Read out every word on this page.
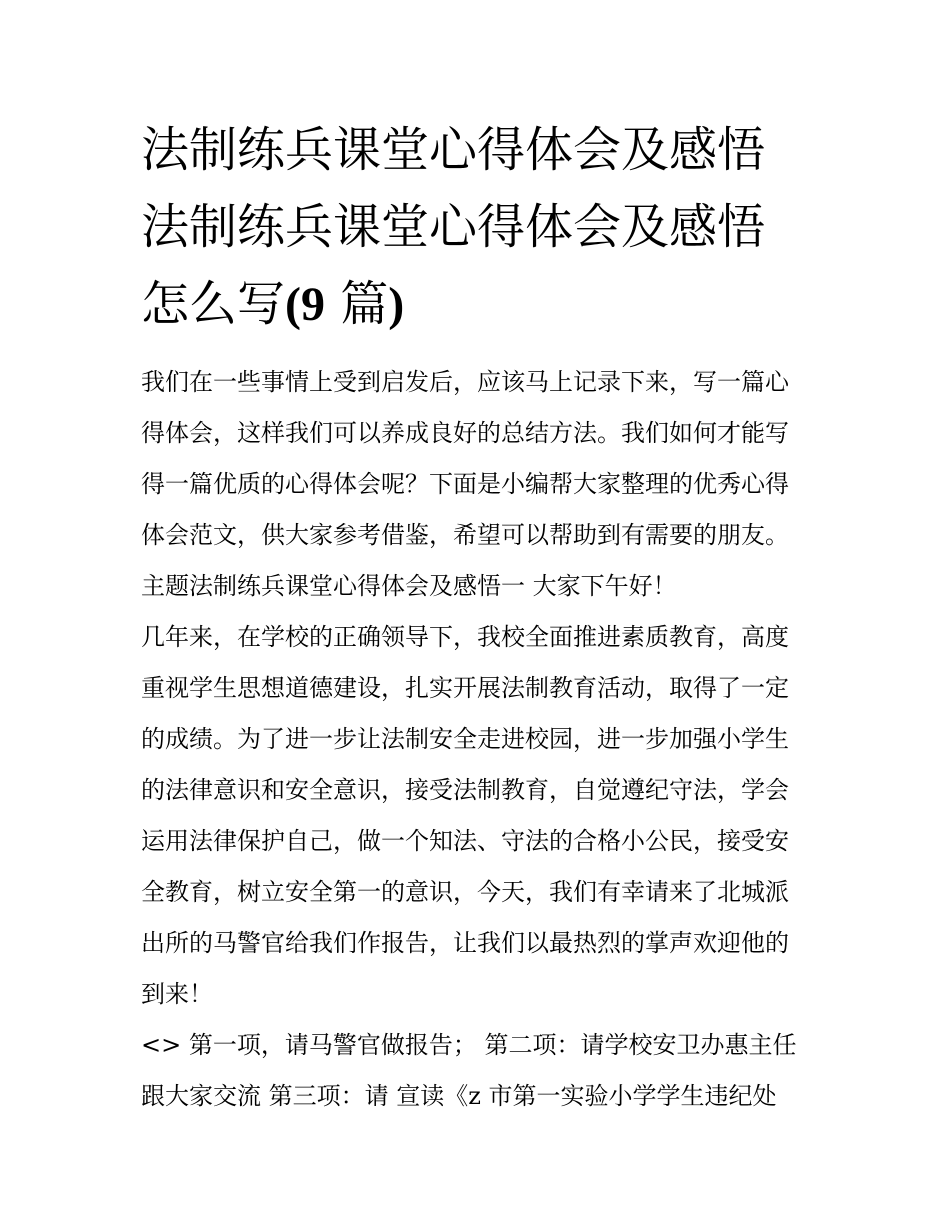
法制练兵课堂心得体会及感悟
法制练兵课堂心得体会及感悟
怎么写(9 篇)
我们在一些事情上受到启发后，应该马上记录下来，写一篇心
得体会，这样我们可以养成良好的总结方法。我们如何才能写
得一篇优质的心得体会呢？下面是小编帮大家整理的优秀心得
体会范文，供大家参考借鉴，希望可以帮助到有需要的朋友。
主题法制练兵课堂心得体会及感悟一 大家下午好！
几年来，在学校的正确领导下，我校全面推进素质教育，高度
重视学生思想道德建设，扎实开展法制教育活动，取得了一定
的成绩。为了进一步让法制安全走进校园，进一步加强小学生
的法律意识和安全意识，接受法制教育，自觉遵纪守法，学会
运用法律保护自己，做一个知法、守法的合格小公民，接受安
全教育，树立安全第一的意识，今天，我们有幸请来了北城派
出所的马警官给我们作报告，让我们以最热烈的掌声欢迎他的
到来！
<> 第一项，请马警官做报告； 第二项：请学校安卫办惠主任
跟大家交流 第三项：请 宣读《z 市第一实验小学学生违纪处
